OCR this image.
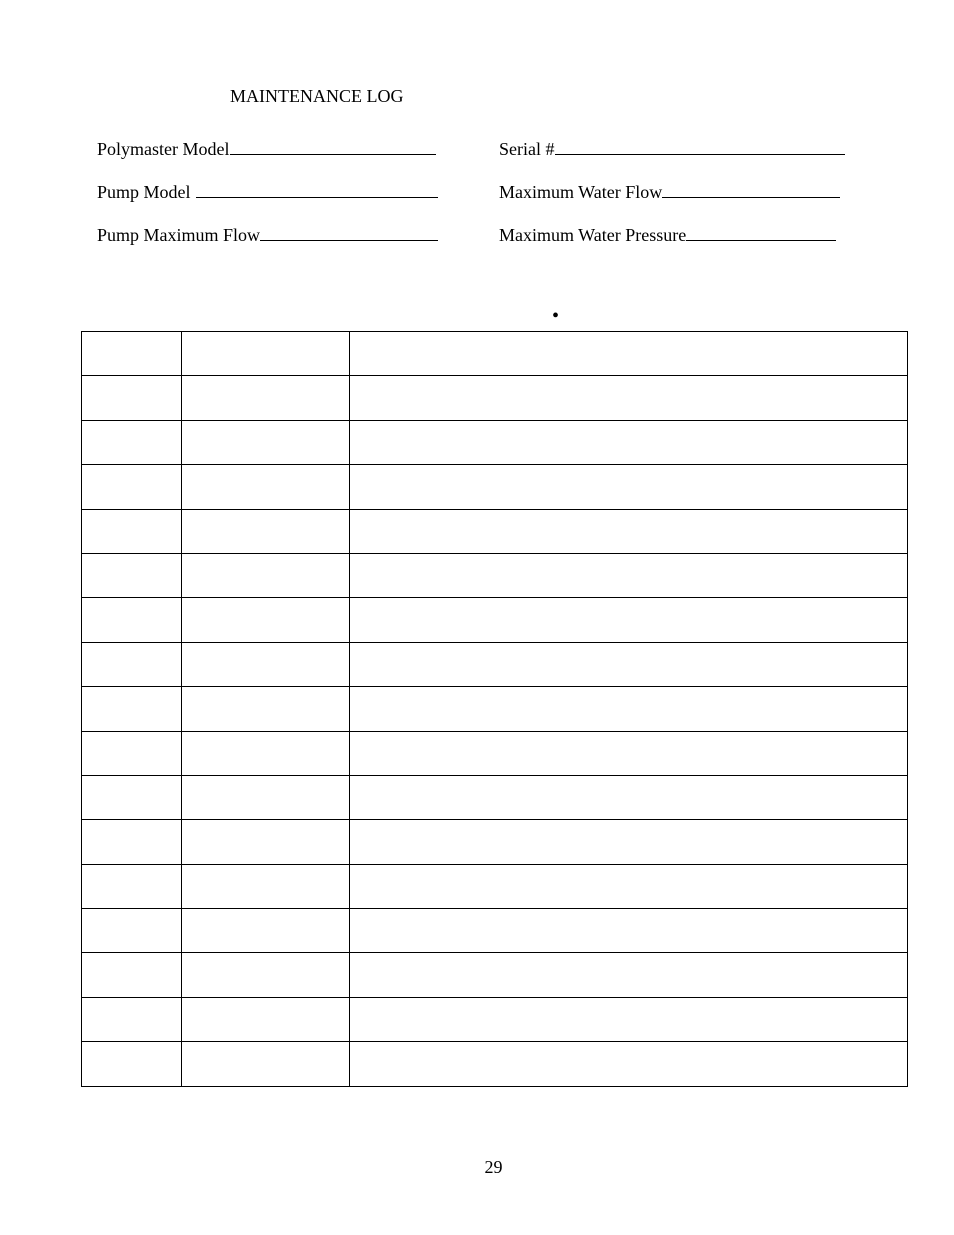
MAINTENANCE LOG
Polymaster Model	Serial #
Pump Model	Maximum Water Flow
Pump Maximum Flow	Maximum Water Pressure
•

29
